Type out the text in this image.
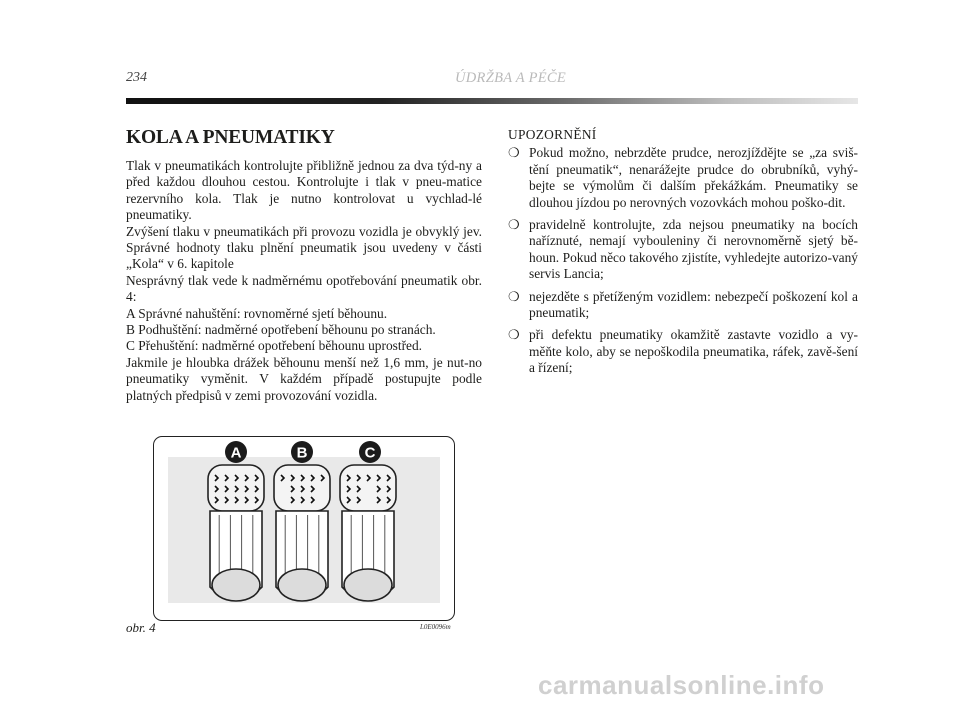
234	ÚDRŽBA A PÉČE
KOLA A PNEUMATIKY

Tlak v pneumatikách kontrolujte přibližně jednou za dva týd-ny a před každou dlouhou cestou. Kontrolujte i tlak v pneu-matice rezervního kola. Tlak je nutno kontrolovat u vychlad-lé pneumatiky.

Zvýšení tlaku v pneumatikách při provozu vozidla je obvyklý jev. Správné hodnoty tlaku plnění pneumatik jsou uvedeny v části „Kola“ v 6. kapitole

Nesprávný tlak vede k nadměrnému opotřebování pneumatik obr. 4:

A Správné nahuštění: rovnoměrné sjetí běhounu.

B Podhuštění: nadměrné opotřebení běhounu po stranách.

C Přehuštění: nadměrné opotřebení běhounu uprostřed.

Jakmile je hloubka drážek běhounu menší než 1,6 mm, je nut-no pneumatiky vyměnit. V každém případě postupujte podle platných předpisů v zemi provozování vozidla.

UPOZORNĚNÍ
❍ Pokud možno, nebrzděte prudce, nerozjíždějte se „za sviš-tění pneumatik“, nenarážejte prudce do obrubníků, vyhý-bejte se výmolům či dalším překážkám. Pneumatiky se dlouhou jízdou po nerovných vozovkách mohou poško-dit.
❍ pravidelně kontrolujte, zda nejsou pneumatiky na bocích naříznuté, nemají vybouleniny či nerovnoměrně sjetý bě-houn. Pokud něco takového zjistíte, vyhledejte autorizo-vaný servis Lancia;
❍ nejezděte s přetíženým vozidlem: nebezpečí poškození kol a pneumatik;
❍ při defektu pneumatiky okamžitě zastavte vozidlo a vy-měňte kolo, aby se nepoškodila pneumatika, ráfek, zavě-šení a řízení;
A	B	C
obr. 4	L0E0096m
carmanualsonline.info
